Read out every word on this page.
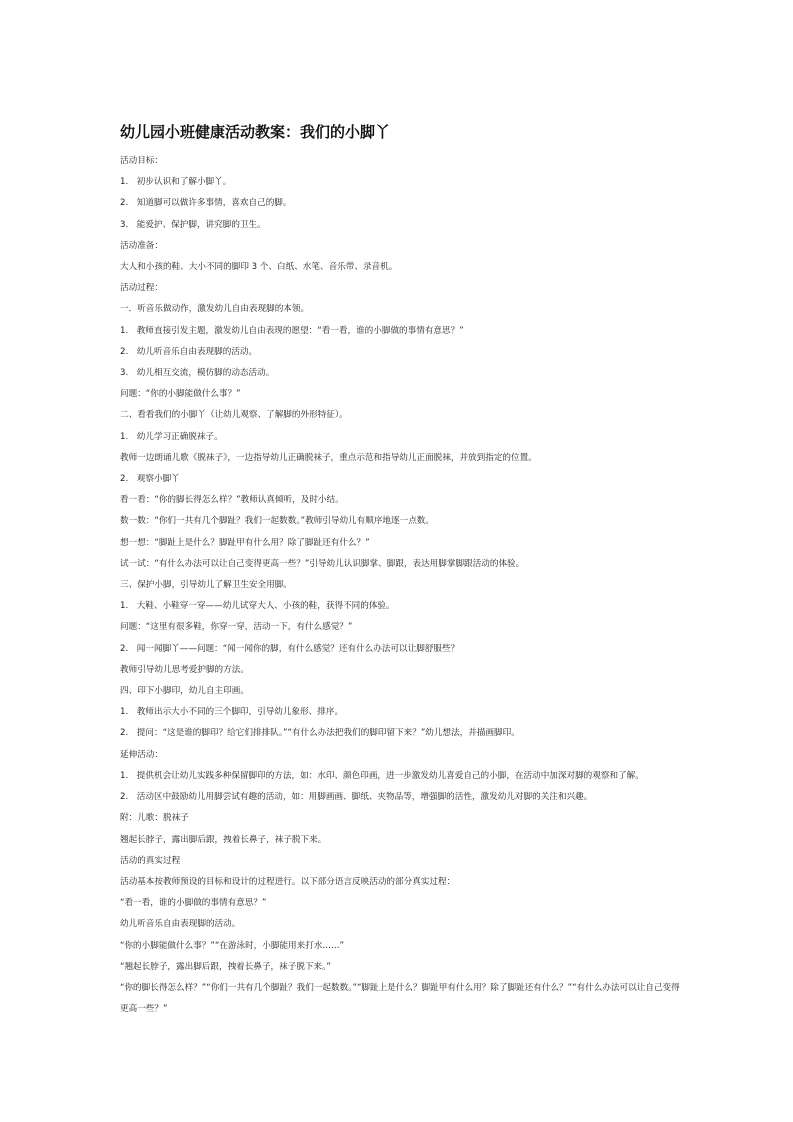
幼儿园小班健康活动教案：我们的小脚丫
活动目标：
1.　初步认识和了解小脚丫。
2.　知道脚可以做许多事情，喜欢自己的脚。
3.　能爱护、保护脚，讲究脚的卫生。
活动准备：
大人和小孩的鞋、大小不同的脚印 3 个、白纸、水笔、音乐带、录音机。
活动过程：
一．听音乐做动作，激发幼儿自由表现脚的本领。
1.　教师直接引发主题，激发幼儿自由表现的愿望：“看一看，谁的小脚做的事情有意思？”
2.　幼儿听音乐自由表现脚的活动。
3.　幼儿相互交流，模仿脚的动态活动。
问题：“你的小脚能做什么事？”
二、看看我们的小脚丫（让幼儿观察、了解脚的外形特征）。
1.　幼儿学习正确脱袜子。
教师一边朗诵儿歌《脱袜子》，一边指导幼儿正确脱袜子，重点示范和指导幼儿正面脱袜，并放到指定的位置。
2.　观察小脚丫
看一看：“你的脚长得怎么样？”教师认真倾听，及时小结。
数一数：“你们一共有几个脚趾？我们一起数数。”教师引导幼儿有顺序地逐一点数。
想一想：“脚趾上是什么？脚趾甲有什么用？除了脚趾还有什么？”
试一试：“有什么办法可以让自己变得更高一些？”引导幼儿认识脚掌、脚跟，表达用脚掌脚跟活动的体验。
三、保护小脚，引导幼儿了解卫生安全用脚。
1.　大鞋、小鞋穿一穿——幼儿试穿大人、小孩的鞋，获得不同的体验。
问题：“这里有很多鞋，你穿一穿，活动一下，有什么感觉？”
2.　闻一闻脚丫——问题：“闻一闻你的脚，有什么感觉？还有什么办法可以让脚舒服些？
教师引导幼儿思考爱护脚的方法。
四、印下小脚印，幼儿自主印画。
1.　教师出示大小不同的三个脚印，引导幼儿象形、排序。
2.　提问：“这是谁的脚印？给它们排排队。”“有什么办法把我们的脚印留下来？”幼儿想法，并描画脚印。
延伸活动：
1.　提供机会让幼儿实践多种保留脚印的方法，如：水印、颜色印画，进一步激发幼儿喜爱自己的小脚，在活动中加深对脚的观察和了解。
2.　活动区中鼓励幼儿用脚尝试有趣的活动，如：用脚画画、脚纸、夹物品等，增强脚的活性，激发幼儿对脚的关注和兴趣。
附：儿歌：脱袜子
翘起长脖子，露出脚后跟，拽着长鼻子，袜子脱下来。
活动的真实过程
活动基本按教师预设的目标和设计的过程进行。以下部分语言反映活动的部分真实过程：
“看一看，谁的小脚做的事情有意思？”
幼儿听音乐自由表现脚的活动。
“你的小脚能做什么事？”“在游泳时，小脚能用来打水……”
“翘起长脖子，露出脚后跟，拽着长鼻子，袜子脱下来。”
“你的脚长得怎么样？”“你们一共有几个脚趾？我们一起数数。”“脚趾上是什么？脚趾甲有什么用？除了脚趾还有什么？”“有什么办法可以让自己变得更高一些？”
